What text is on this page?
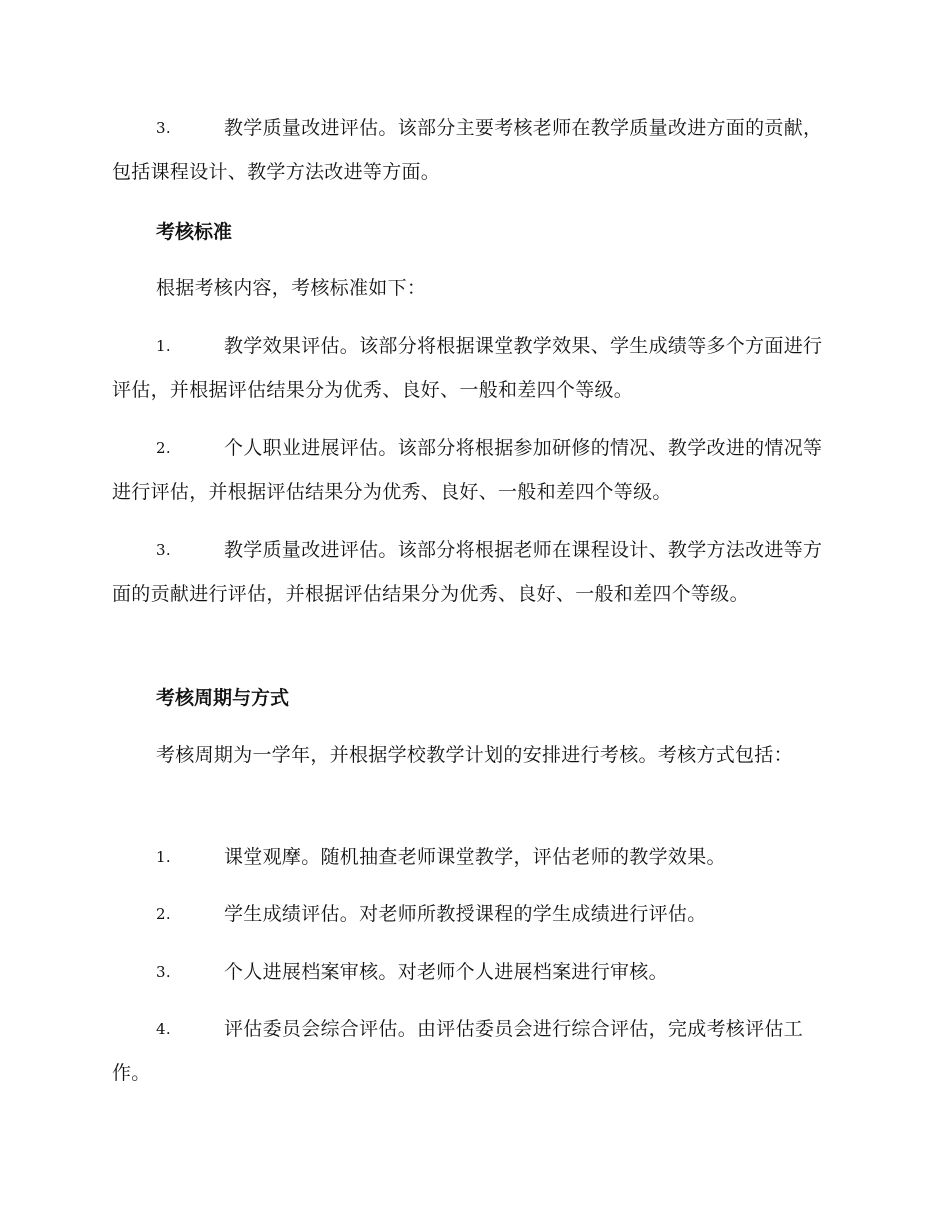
3.	教学质量改进评估。该部分主要考核老师在教学质量改进方面的贡献，包括课程设计、教学方法改进等方面。

考核标准

根据考核内容，考核标准如下：

1.	教学效果评估。该部分将根据课堂教学效果、学生成绩等多个方面进行评估，并根据评估结果分为优秀、良好、一般和差四个等级。

2.	个人职业进展评估。该部分将根据参加研修的情况、教学改进的情况等进行评估，并根据评估结果分为优秀、良好、一般和差四个等级。

3.	教学质量改进评估。该部分将根据老师在课程设计、教学方法改进等方面的贡献进行评估，并根据评估结果分为优秀、良好、一般和差四个等级。

考核周期与方式

考核周期为一学年，并根据学校教学计划的安排进行考核。考核方式包括：

1.	课堂观摩。随机抽查老师课堂教学，评估老师的教学效果。

2.	学生成绩评估。对老师所教授课程的学生成绩进行评估。

3.	个人进展档案审核。对老师个人进展档案进行审核。

4.	评估委员会综合评估。由评估委员会进行综合评估，完成考核评估工作。
